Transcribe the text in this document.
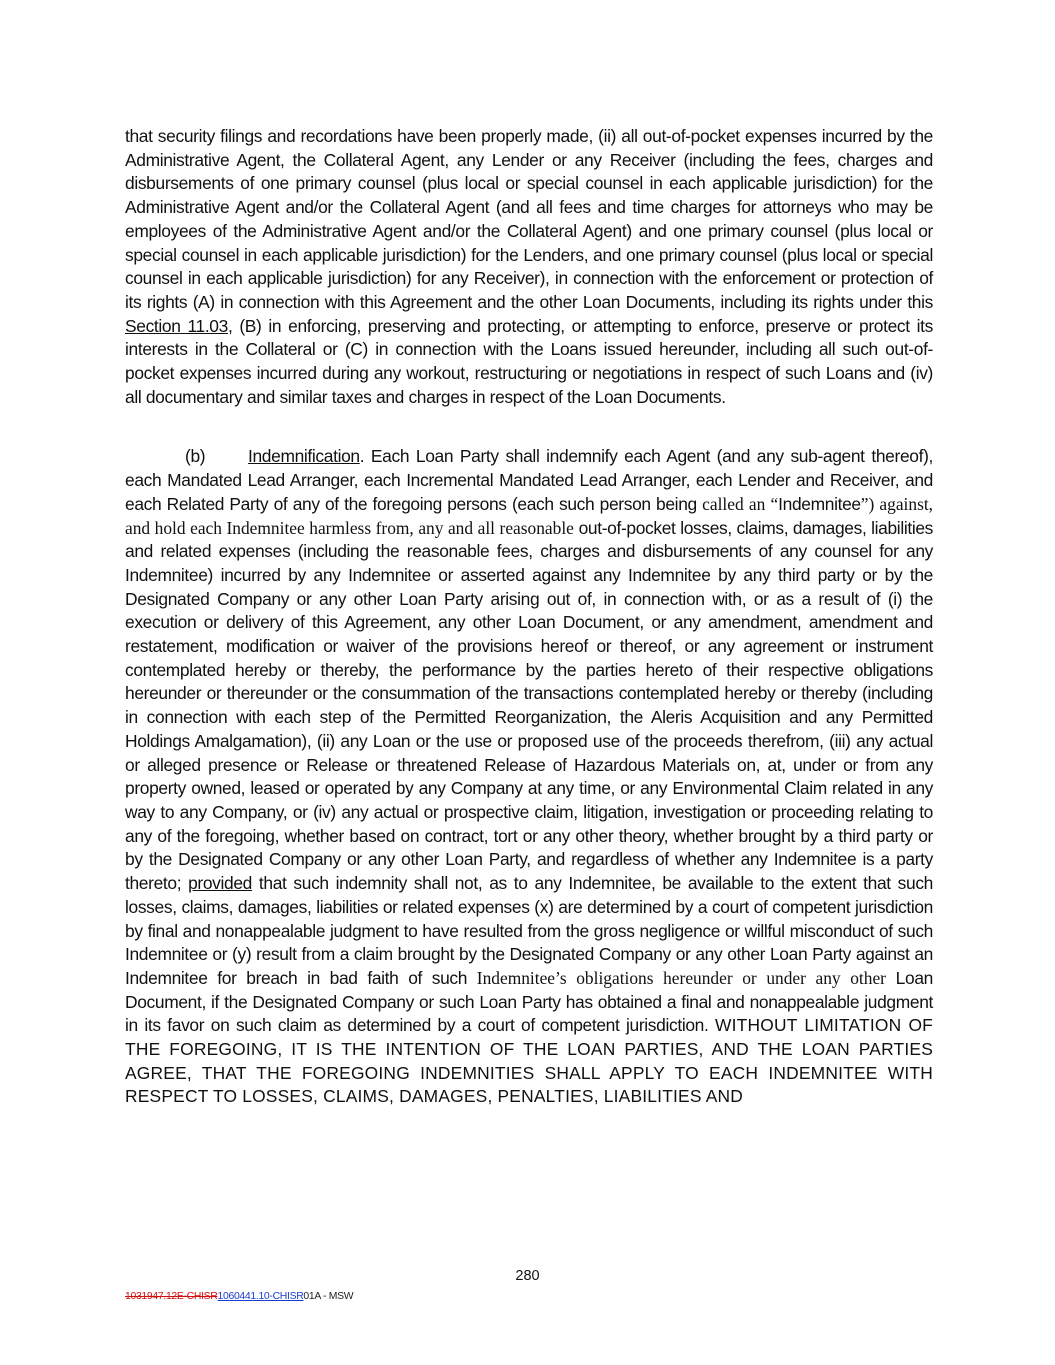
that security filings and recordations have been properly made, (ii) all out-of-pocket expenses incurred by the Administrative Agent, the Collateral Agent, any Lender or any Receiver (including the fees, charges and disbursements of one primary counsel (plus local or special counsel in each applicable jurisdiction) for the Administrative Agent and/or the Collateral Agent (and all fees and time charges for attorneys who may be employees of the Administrative Agent and/or the Collateral Agent) and one primary counsel (plus local or special counsel in each applicable jurisdiction) for the Lenders, and one primary counsel (plus local or special counsel in each applicable jurisdiction) for any Receiver), in connection with the enforcement or protection of its rights (A) in connection with this Agreement and the other Loan Documents, including its rights under this Section 11.03, (B) in enforcing, preserving and protecting, or attempting to enforce, preserve or protect its interests in the Collateral or (C) in connection with the Loans issued hereunder, including all such out-of-pocket expenses incurred during any workout, restructuring or negotiations in respect of such Loans and (iv) all documentary and similar taxes and charges in respect of the Loan Documents.

(b) Indemnification. Each Loan Party shall indemnify each Agent (and any sub-agent thereof), each Mandated Lead Arranger, each Incremental Mandated Lead Arranger, each Lender and Receiver, and each Related Party of any of the foregoing persons (each such person being called an “Indemnitee”) against, and hold each Indemnitee harmless from, any and all reasonable out-of-pocket losses, claims, damages, liabilities and related expenses (including the reasonable fees, charges and disbursements of any counsel for any Indemnitee) incurred by any Indemnitee or asserted against any Indemnitee by any third party or by the Designated Company or any other Loan Party arising out of, in connection with, or as a result of (i) the execution or delivery of this Agreement, any other Loan Document, or any amendment, amendment and restatement, modification or waiver of the provisions hereof or thereof, or any agreement or instrument contemplated hereby or thereby, the performance by the parties hereto of their respective obligations hereunder or thereunder or the consummation of the transactions contemplated hereby or thereby (including in connection with each step of the Permitted Reorganization, the Aleris Acquisition and any Permitted Holdings Amalgamation), (ii) any Loan or the use or proposed use of the proceeds therefrom, (iii) any actual or alleged presence or Release or threatened Release of Hazardous Materials on, at, under or from any property owned, leased or operated by any Company at any time, or any Environmental Claim related in any way to any Company, or (iv) any actual or prospective claim, litigation, investigation or proceeding relating to any of the foregoing, whether based on contract, tort or any other theory, whether brought by a third party or by the Designated Company or any other Loan Party, and regardless of whether any Indemnitee is a party thereto; provided that such indemnity shall not, as to any Indemnitee, be available to the extent that such losses, claims, damages, liabilities or related expenses (x) are determined by a court of competent jurisdiction by final and nonappealable judgment to have resulted from the gross negligence or willful misconduct of such Indemnitee or (y) result from a claim brought by the Designated Company or any other Loan Party against an Indemnitee for breach in bad faith of such Indemnitee’s obligations hereunder or under any other Loan Document, if the Designated Company or such Loan Party has obtained a final and nonappealable judgment in its favor on such claim as determined by a court of competent jurisdiction. WITHOUT LIMITATION OF THE FOREGOING, IT IS THE INTENTION OF THE LOAN PARTIES, AND THE LOAN PARTIES AGREE, THAT THE FOREGOING INDEMNITIES SHALL APPLY TO EACH INDEMNITEE WITH RESPECT TO LOSSES, CLAIMS, DAMAGES, PENALTIES, LIABILITIES AND

280
1031947.12E-CHISR1060441.10-CHISR01A - MSW
